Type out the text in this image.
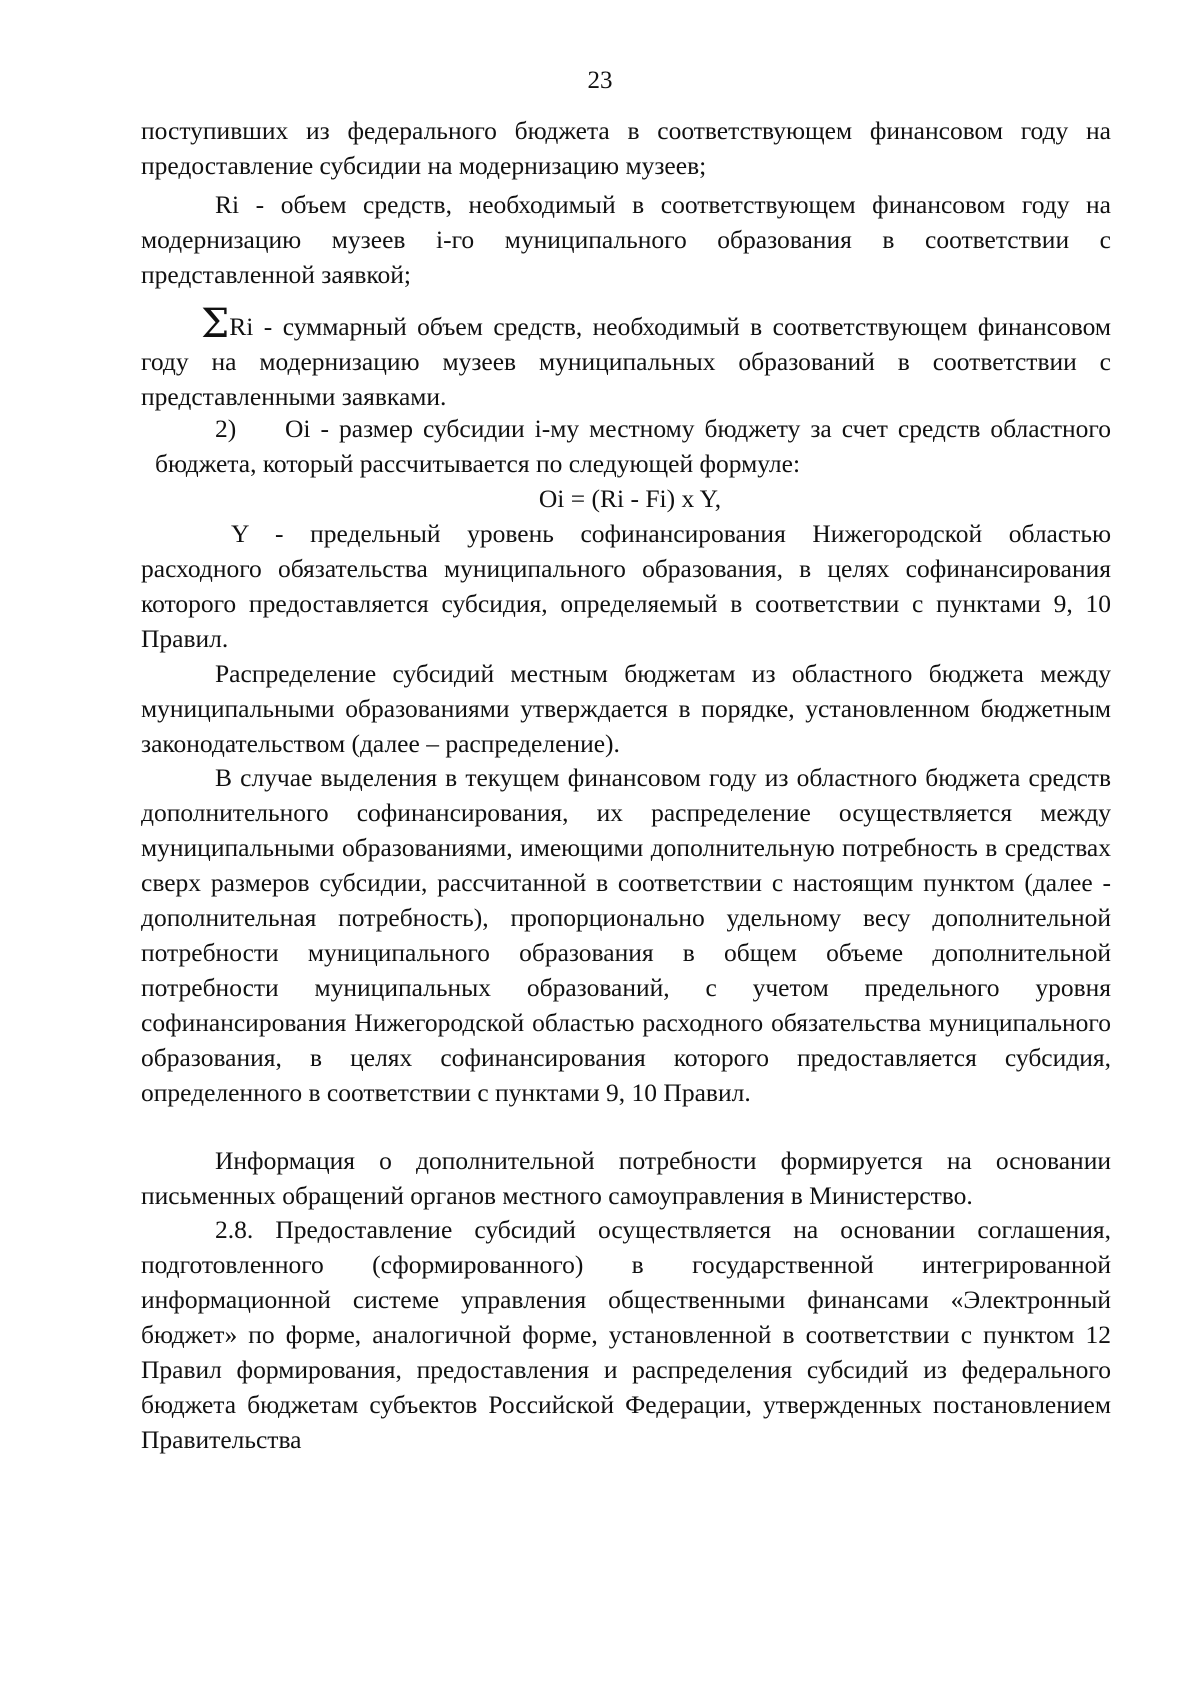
23

поступивших из федерального бюджета в соответствующем финансовом году на предоставление субсидии на модернизацию музеев;

Ri - объем средств, необходимый в соответствующем финансовом году на модернизацию музеев i-го муниципального образования в соответствии с представленной заявкой;

ΣRi - суммарный объем средств, необходимый в соответствующем финансовом году на модернизацию музеев муниципальных образований в соответствии с представленными заявками.

2) Oi - размер субсидии i-му местному бюджету за счет средств областного бюджета, который рассчитывается по следующей формуле:

Oi = (Ri - Fi) x Y,

Y - предельный уровень софинансирования Нижегородской областью расходного обязательства муниципального образования, в целях софинансирования которого предоставляется субсидия, определяемый в соответствии с пунктами 9, 10 Правил.

Распределение субсидий местным бюджетам из областного бюджета между муниципальными образованиями утверждается в порядке, установленном бюджетным законодательством (далее – распределение).

В случае выделения в текущем финансовом году из областного бюджета средств дополнительного софинансирования, их распределение осуществляется между муниципальными образованиями, имеющими дополнительную потребность в средствах сверх размеров субсидии, рассчитанной в соответствии с настоящим пунктом (далее - дополнительная потребность), пропорционально удельному весу дополнительной потребности муниципального образования в общем объеме дополнительной потребности муниципальных образований, с учетом предельного уровня софинансирования Нижегородской областью расходного обязательства муниципального образования, в целях софинансирования которого предоставляется субсидия, определенного в соответствии с пунктами 9, 10 Правил.

Информация о дополнительной потребности формируется на основании письменных обращений органов местного самоуправления в Министерство.

2.8. Предоставление субсидий осуществляется на основании соглашения, подготовленного (сформированного) в государственной интегрированной информационной системе управления общественными финансами «Электронный бюджет» по форме, аналогичной форме, установленной в соответствии с пунктом 12 Правил формирования, предоставления и распределения субсидий из федерального бюджета бюджетам субъектов Российской Федерации, утвержденных постановлением Правительства
